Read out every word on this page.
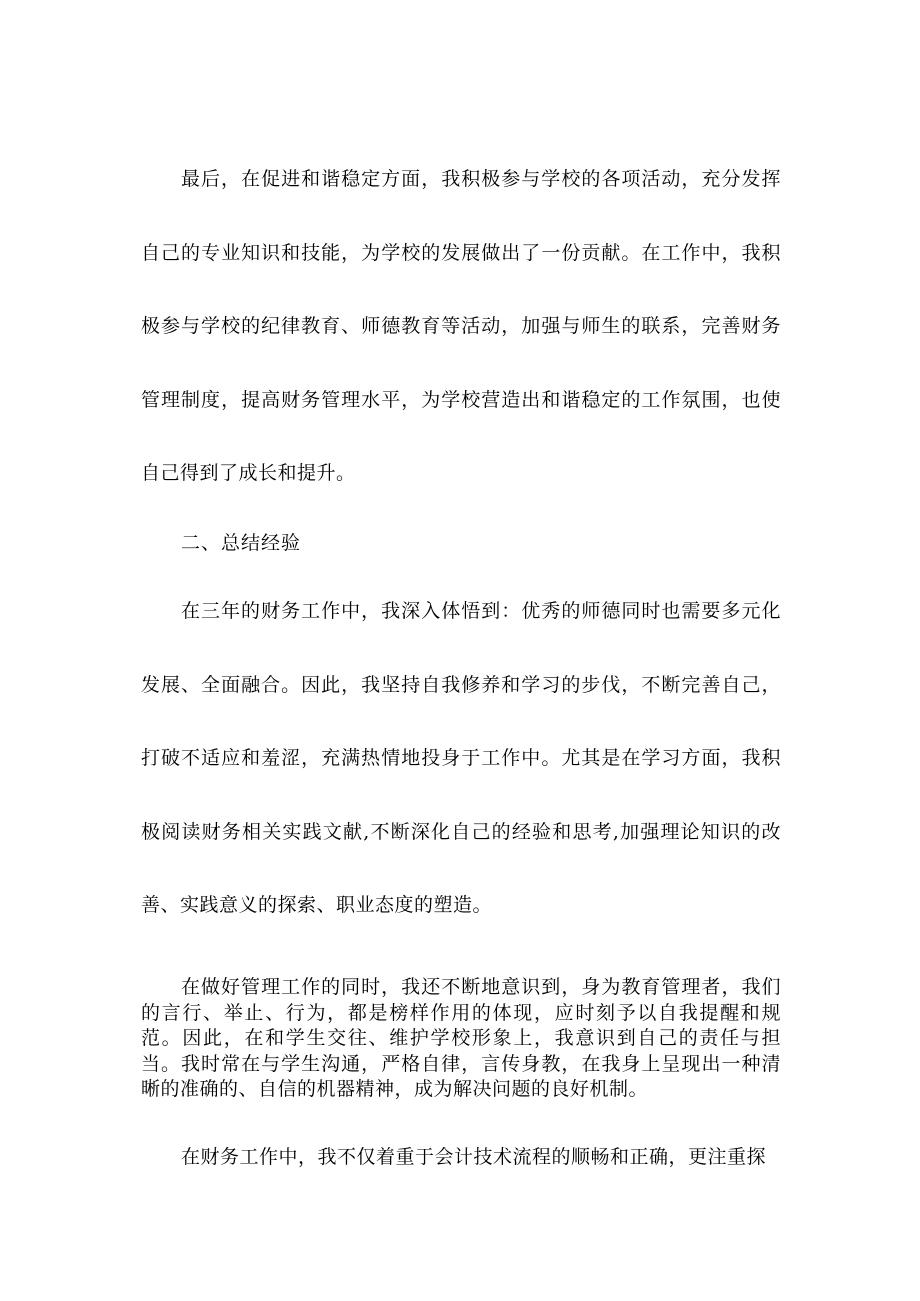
最后，在促进和谐稳定方面，我积极参与学校的各项活动，充分发挥自己的专业知识和技能，为学校的发展做出了一份贡献。在工作中，我积极参与学校的纪律教育、师德教育等活动，加强与师生的联系，完善财务管理制度，提高财务管理水平，为学校营造出和谐稳定的工作氛围，也使自己得到了成长和提升。

二、总结经验

在三年的财务工作中，我深入体悟到：优秀的师德同时也需要多元化发展、全面融合。因此，我坚持自我修养和学习的步伐，不断完善自己，打破不适应和羞涩，充满热情地投身于工作中。尤其是在学习方面，我积极阅读财务相关实践文献,不断深化自己的经验和思考,加强理论知识的改善、实践意义的探索、职业态度的塑造。

在做好管理工作的同时，我还不断地意识到，身为教育管理者，我们的言行、举止、行为，都是榜样作用的体现，应时刻予以自我提醒和规范。因此，在和学生交往、维护学校形象上，我意识到自己的责任与担当。我时常在与学生沟通，严格自律，言传身教，在我身上呈现出一种清晰的准确的、自信的机器精神，成为解决问题的良好机制。

在财务工作中，我不仅着重于会计技术流程的顺畅和正确，更注重探
